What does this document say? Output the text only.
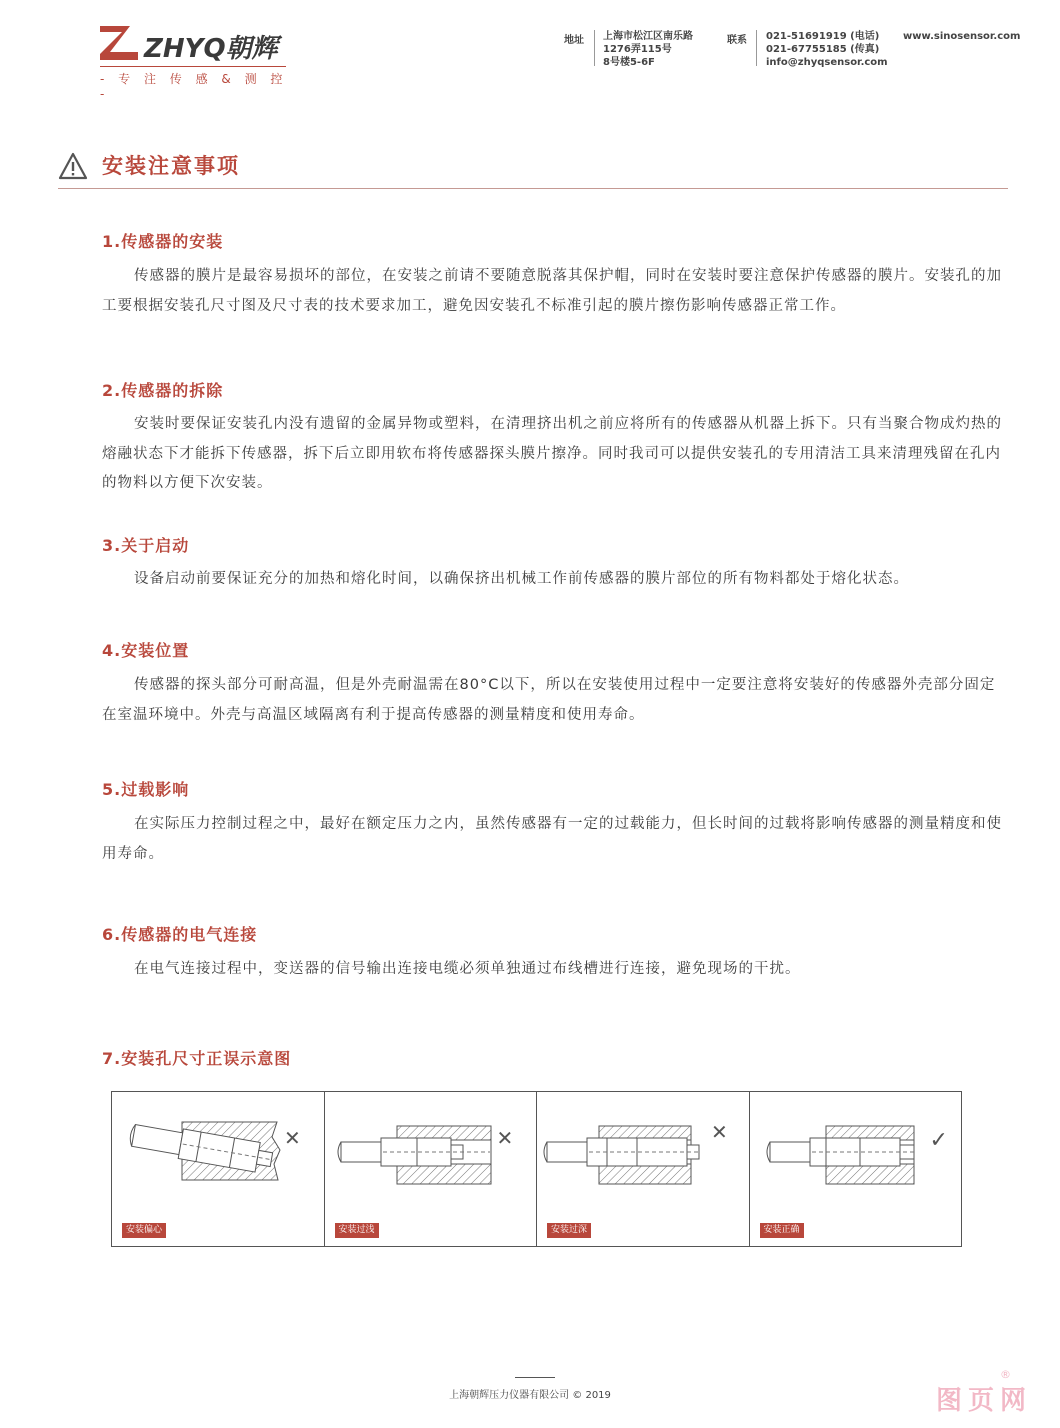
ZHYQ朝辉
- 专 注 传 感 & 测 控 -
地址 上海市松江区南乐路
1276弄115号
8号楼5-6F
联系 021-51691919 (电话)
021-67755185 (传真)
info@zhyqsensor.com
www.sinosensor.com
安装注意事项
1.传感器的安装
传感器的膜片是最容易损坏的部位，在安装之前请不要随意脱落其保护帽，同时在安装时要注意保护传感器的膜片。安装孔的加工要根据安装孔尺寸图及尺寸表的技术要求加工，避免因安装孔不标准引起的膜片擦伤影响传感器正常工作。
2.传感器的拆除
安装时要保证安装孔内没有遗留的金属异物或塑料，在清理挤出机之前应将所有的传感器从机器上拆下。只有当聚合物成灼热的熔融状态下才能拆下传感器，拆下后立即用软布将传感器探头膜片擦净。同时我司可以提供安装孔的专用清洁工具来清理残留在孔内的物料以方便下次安装。
3.关于启动
设备启动前要保证充分的加热和熔化时间，以确保挤出机械工作前传感器的膜片部位的所有物料都处于熔化状态。
4.安装位置
传感器的探头部分可耐高温，但是外壳耐温需在80°C以下，所以在安装使用过程中一定要注意将安装好的传感器外壳部分固定在室温环境中。外壳与高温区域隔离有利于提高传感器的测量精度和使用寿命。
5.过载影响
在实际压力控制过程之中，最好在额定压力之内，虽然传感器有一定的过载能力，但长时间的过载将影响传感器的测量精度和使用寿命。
6.传感器的电气连接
在电气连接过程中，变送器的信号输出连接电缆必须单独通过布线槽进行连接，避免现场的干扰。
7.安装孔尺寸正误示意图
✕
安装偏心
✕
安装过浅
✕
安装过深
✓
安装正确
上海朝辉压力仪器有限公司 © 2019	图页网
®
